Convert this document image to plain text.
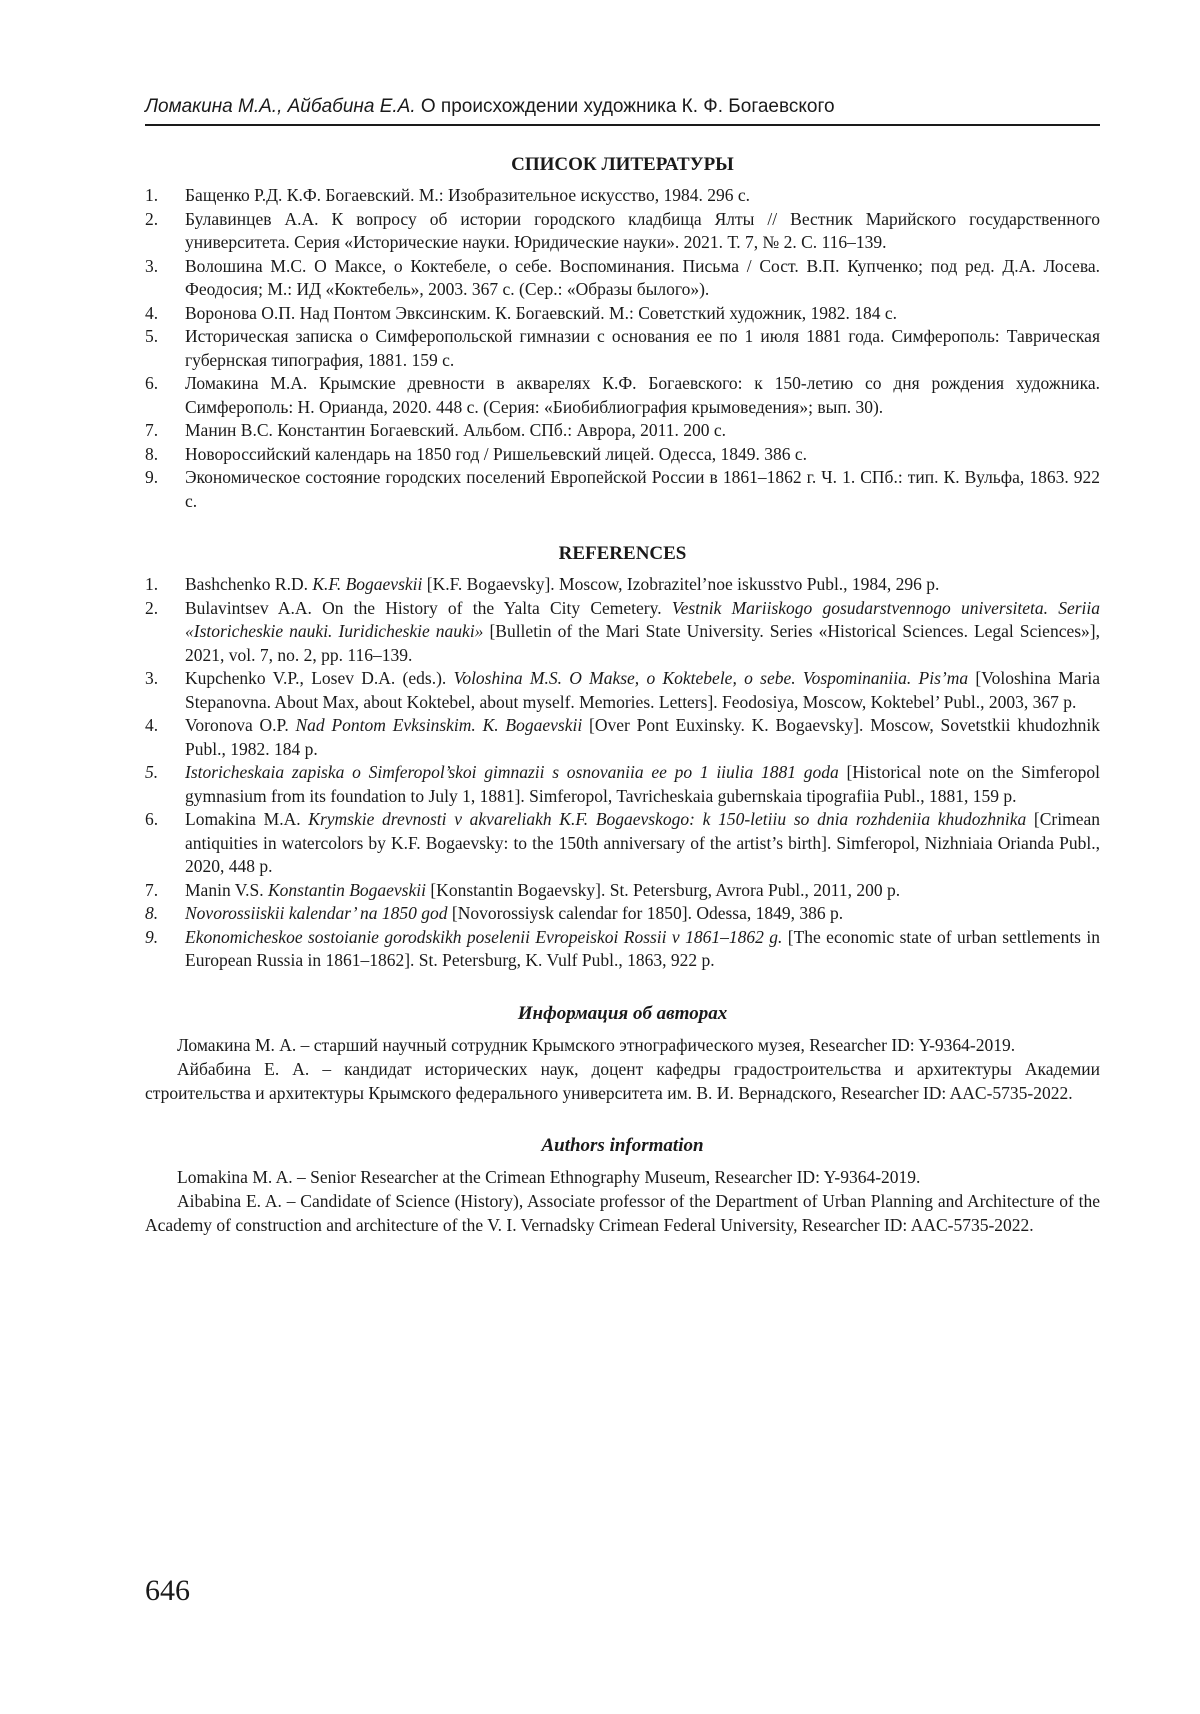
Ломакина М.А., Айбабина Е.А. О происхождении художника К. Ф. Богаевского
СПИСОК ЛИТЕРАТУРЫ
1.	Бащенко Р.Д. К.Ф. Богаевский. М.: Изобразительное искусство, 1984. 296 с.
2.	Булавинцев А.А. К вопросу об истории городского кладбища Ялты // Вестник Марийского государственного университета. Серия «Исторические науки. Юридические науки». 2021. Т. 7, № 2. С. 116–139.
3.	Волошина М.С. О Максе, о Коктебеле, о себе. Воспоминания. Письма / Сост. В.П. Купченко; под ред. Д.А. Лосева. Феодосия; М.: ИД «Коктебель», 2003. 367 с. (Сер.: «Образы былого»).
4.	Воронова О.П. Над Понтом Эвксинским. К. Богаевский. М.: Советсткий художник, 1982. 184 с.
5.	Историческая записка о Симферопольской гимназии с основания ее по 1 июля 1881 года. Симферополь: Таврическая губернская типография, 1881. 159 с.
6.	Ломакина М.А. Крымские древности в акварелях К.Ф. Богаевского: к 150-летию со дня рождения художника. Симферополь: Н. Орианда, 2020. 448 с. (Серия: «Биобиблиография крымоведения»; вып. 30).
7.	Манин В.С. Константин Богаевский. Альбом. СПб.: Аврора, 2011. 200 с.
8.	Новороссийский календарь на 1850 год / Ришельевский лицей. Одесса, 1849. 386 с.
9.	Экономическое состояние городских поселений Европейской России в 1861–1862 г. Ч. 1. СПб.: тип. К. Вульфа, 1863. 922 с.
REFERENCES
1.	Bashchenko R.D. K.F. Bogaevskii [K.F. Bogaevsky]. Moscow, Izobrazitel’noe iskusstvo Publ., 1984, 296 p.
2.	Bulavintsev A.A. On the History of the Yalta City Cemetery. Vestnik Mariiskogo gosudarstvennogo universiteta. Seriia «Istoricheskie nauki. Iuridicheskie nauki» [Bulletin of the Mari State University. Series «Historical Sciences. Legal Sciences»], 2021, vol. 7, no. 2, pp. 116–139.
3.	Kupchenko V.P., Losev D.A. (eds.). Voloshina M.S. O Makse, o Koktebele, o sebe. Vospominaniia. Pis’ma [Voloshina Maria Stepanovna. About Max, about Koktebel, about myself. Memories. Letters]. Feodosiya, Moscow, Koktebel’ Publ., 2003, 367 p.
4.	Voronova O.P. Nad Pontom Evksinskim. K. Bogaevskii [Over Pont Euxinsky. K. Bogaevsky]. Moscow, Sovetstkii khudozhnik Publ., 1982. 184 p.
5.	Istoricheskaia zapiska o Simferopol’skoi gimnazii s osnovaniia ee po 1 iiulia 1881 goda [Historical note on the Simferopol gymnasium from its foundation to July 1, 1881]. Simferopol, Tavricheskaia gubernskaia tipografiia Publ., 1881, 159 p.
6.	Lomakina M.A. Krymskie drevnosti v akvareliakh K.F. Bogaevskogo: k 150-letiiu so dnia rozhdeniia khudozhnika [Crimean antiquities in watercolors by K.F. Bogaevsky: to the 150th anniversary of the artist’s birth]. Simferopol, Nizhniaia Orianda Publ., 2020, 448 p.
7.	Manin V.S. Konstantin Bogaevskii [Konstantin Bogaevsky]. St. Petersburg, Avrora Publ., 2011, 200 p.
8.	Novorossiiskii kalendar’ na 1850 god [Novorossiysk calendar for 1850]. Odessa, 1849, 386 p.
9.	Ekonomicheskoe sostoianie gorodskikh poselenii Evropeiskoi Rossii v 1861–1862 g. [The economic state of urban settlements in European Russia in 1861–1862]. St. Petersburg, K. Vulf Publ., 1863, 922 p.
Информация об авторах

Ломакина М. А. – старший научный сотрудник Крымского этнографического музея, Researcher ID: Y-9364-2019.

Айбабина Е. А. – кандидат исторических наук, доцент кафедры градостроительства и архитектуры Академии строительства и архитектуры Крымского федерального университета им. В. И. Вернадского, Researcher ID: AAC-5735-2022.

Authors information

Lomakina M. A. – Senior Researcher at the Crimean Ethnography Museum, Researcher ID: Y-9364-2019.

Aibabina E. A. – Candidate of Science (History), Associate professor of the Department of Urban Planning and Architecture of the Academy of construction and architecture of the V. I. Vernadsky Crimean Federal University, Researcher ID: AAC-5735-2022.

646
